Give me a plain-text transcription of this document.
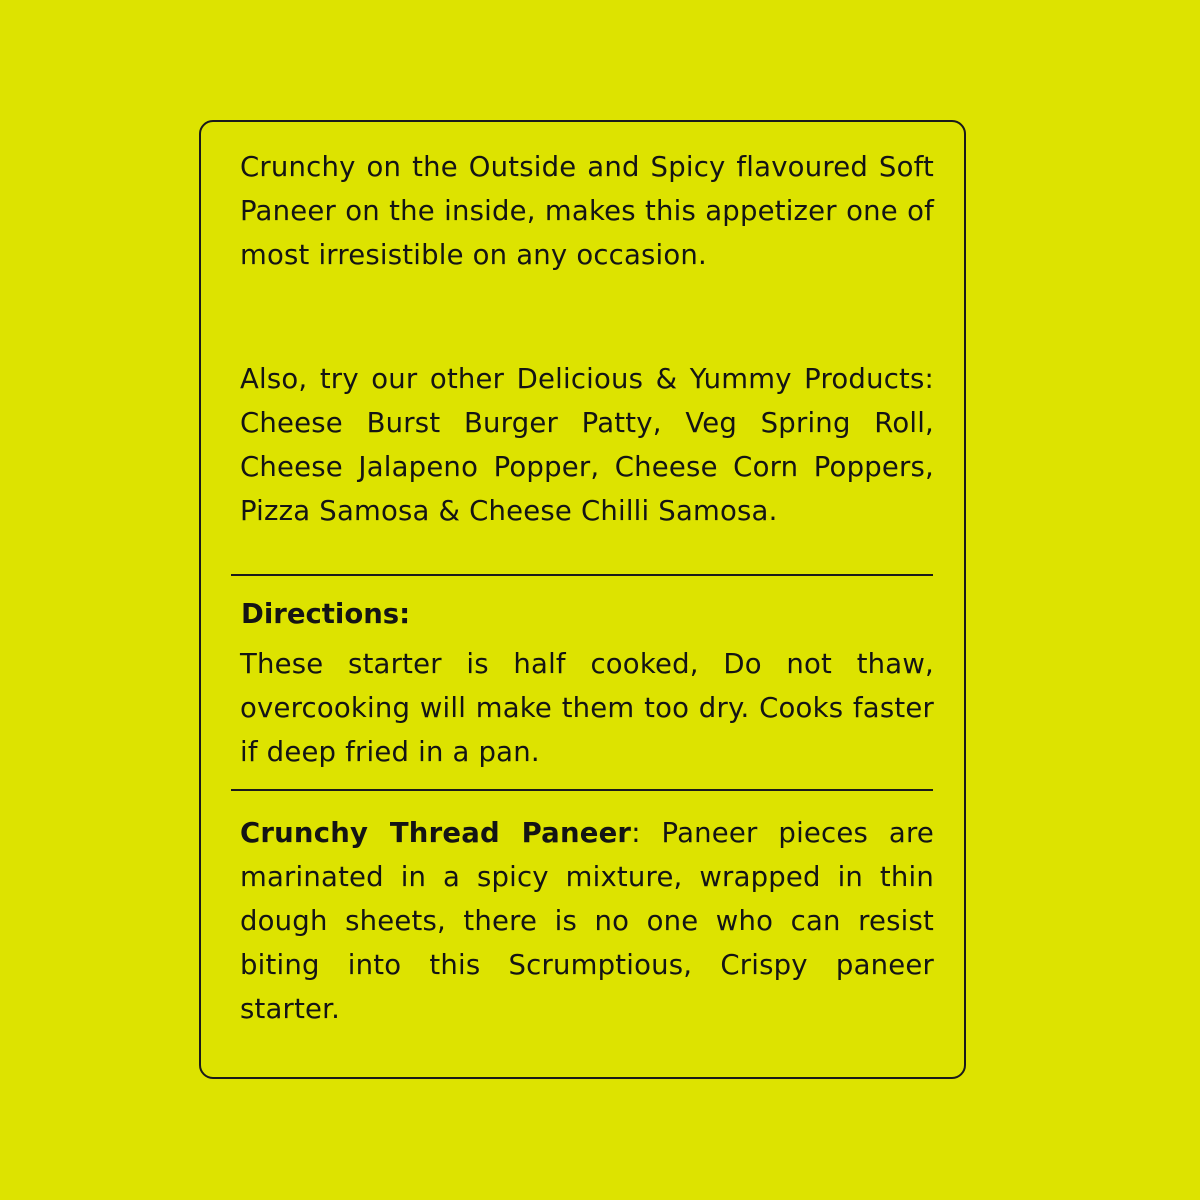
Crunchy on the Outside and Spicy flavoured Soft Paneer on the inside, makes this appetizer one of most irresistible on any occasion.

Also, try our other Delicious & Yummy Products: Cheese Burst Burger Patty, Veg Spring Roll, Cheese Jalapeno Popper, Cheese Corn Poppers, Pizza Samosa & Cheese Chilli Samosa.

Directions:

These starter is half cooked, Do not thaw, overcooking will make them too dry. Cooks faster if deep fried in a pan.

Crunchy Thread Paneer: Paneer pieces are marinated in a spicy mixture, wrapped in thin dough sheets, there is no one who can resist biting into this Scrumptious, Crispy paneer starter.
